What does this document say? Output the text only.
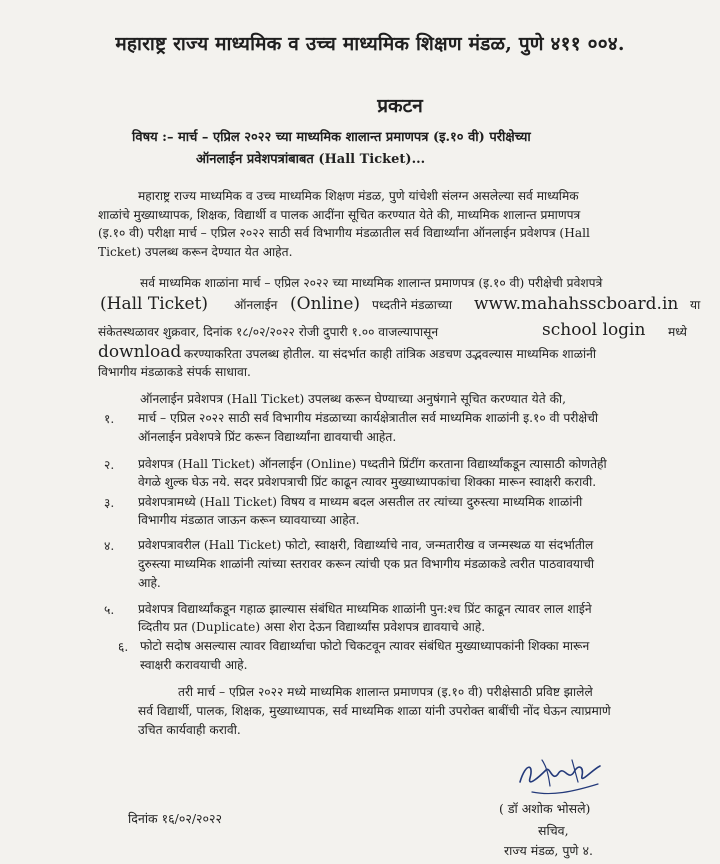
महाराष्ट्र राज्य माध्यमिक व उच्च माध्यमिक शिक्षण मंडळ, पुणे ४११ ००४.
प्रकटन
विषय :– मार्च – एप्रिल २०२२ च्या माध्यमिक शालान्त प्रमाणपत्र (इ.१० वी) परीक्षेच्या
ऑनलाईन प्रवेशपत्रांबाबत (Hall Ticket)...
महाराष्ट्र राज्य माध्यमिक व उच्च माध्यमिक शिक्षण मंडळ, पुणे यांचेशी संलग्न असलेल्या सर्व माध्यमिक
शाळांचे मुख्याध्यापक, शिक्षक, विद्यार्थी व पालक आदींना सूचित करण्यात येते की, माध्यमिक शालान्त प्रमाणपत्र
(इ.१० वी) परीक्षा मार्च – एप्रिल २०२२ साठी सर्व विभागीय मंडळातील सर्व विद्यार्थ्यांना ऑनलाईन प्रवेशपत्र (Hall
Ticket) उपलब्ध करून देण्यात येत आहेत.
सर्व माध्यमिक शाळांना मार्च – एप्रिल २०२२ च्या माध्यमिक शालान्त प्रमाणपत्र (इ.१० वी) परीक्षेची प्रवेशपत्रे
(Hall Ticket) ऑनलाईन (Online) पध्दतीने मंडळाच्या www.mahahsscboard.in या
संकेतस्थळावर शुक्रवार, दिनांक १८/०२/२०२२ रोजी दुपारी १.०० वाजल्यापासून	school login मध्ये
download करण्याकरिता उपलब्ध होतील. या संदर्भात काही तांत्रिक अडचण उद्भवल्यास माध्यमिक शाळांनी
विभागीय मंडळाकडे संपर्क साधावा.
ऑनलाईन प्रवेशपत्र (Hall Ticket) उपलब्ध करून घेण्याच्या अनुषंगाने सूचित करण्यात येते की,
१. मार्च – एप्रिल २०२२ साठी सर्व विभागीय मंडळाच्या कार्यक्षेत्रातील सर्व माध्यमिक शाळांनी इ.१० वी परीक्षेची
ऑनलाईन प्रवेशपत्रे प्रिंट करून विद्यार्थ्यांना द्यावयाची आहेत.
२. प्रवेशपत्र (Hall Ticket) ऑनलाईन (Online) पध्दतीने प्रिंटींग करताना विद्यार्थ्यांकडून त्यासाठी कोणतेही
वेगळे शुल्क घेऊ नये. सदर प्रवेशपत्राची प्रिंट काढून त्यावर मुख्याध्यापकांचा शिक्का मारून स्वाक्षरी करावी.
३. प्रवेशपत्रामध्ये (Hall Ticket) विषय व माध्यम बदल असतील तर त्यांच्या दुरुस्त्या माध्यमिक शाळांनी
विभागीय मंडळात जाऊन करून घ्यावयाच्या आहेत.
४. प्रवेशपत्रावरील (Hall Ticket) फोटो, स्वाक्षरी, विद्यार्थ्याचे नाव, जन्मतारीख व जन्मस्थळ या संदर्भातील
दुरुस्त्या माध्यमिक शाळांनी त्यांच्या स्तरावर करून त्यांची एक प्रत विभागीय मंडळाकडे त्वरीत पाठवावयाची
आहे.
५. प्रवेशपत्र विद्यार्थ्यांकडून गहाळ झाल्यास संबंधित माध्यमिक शाळांनी पुन:श्च प्रिंट काढून त्यावर लाल शाईने
व्दितीय प्रत (Duplicate) असा शेरा देऊन विद्यार्थ्यांस प्रवेशपत्र द्यावयाचे आहे.
६. फोटो सदोष असल्यास त्यावर विद्यार्थ्याचा फोटो चिकटवून त्यावर संबंधित मुख्याध्यापकांनी शिक्का मारून
स्वाक्षरी करावयाची आहे.
तरी मार्च – एप्रिल २०२२ मध्ये माध्यमिक शालान्त प्रमाणपत्र (इ.१० वी) परीक्षेसाठी प्रविष्ट झालेले
सर्व विद्यार्थी, पालक, शिक्षक, मुख्याध्यापक, सर्व माध्यमिक शाळा यांनी उपरोक्त बाबींची नोंद घेऊन त्याप्रमाणे
उचित कार्यवाही करावी.
दिनांक १६/०२/२०२२
( डॉ अशोक भोसले)
सचिव,
राज्य मंडळ, पुणे ४.
